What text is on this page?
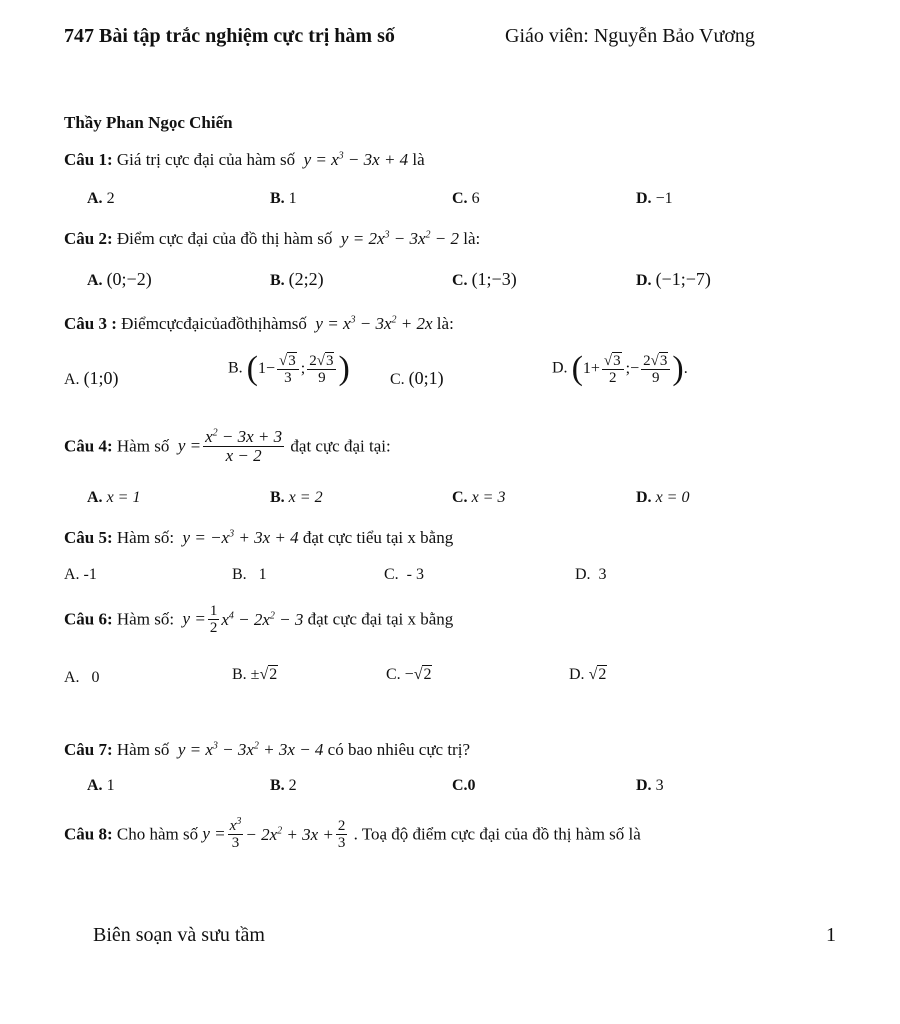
747 Bài tập trắc nghiệm cực trị hàm số	Giáo viên: Nguyễn Bảo Vương
Thầy Phan Ngọc Chiến
Câu 1: Giá trị cực đại của hàm số  $y = x^3 - 3x + 4$ là
A. 2	B. 1	C. 6	D. −1
Câu 2: Điểm cực đại của đồ thị hàm số  $y = 2x^3 - 3x^2 - 2$ là:
A. (0;−2)	B. (2;2)	C. (1;−3)	D. (−1;−7)
Câu 3 : Điểmcựcđạicủađồthịhàmsố  $y = x^3 - 3x^2 + 2x$ là:
A. (1;0)	B. ($1- \frac{√3}{3}$ ; $\frac{2√3}{9}$ )	C. (0;1)	D. ($1+ \frac{√3}{2}$ ;− $\frac{2√3}{9}$ ).
Câu 4: Hàm số  $y = \frac{x^2 - 3x + 3}{x - 2}$ đạt cực đại tại:
A. x = 1	B. x = 2	C. x = 3	D. x = 0
Câu 5: Hàm số:  $y = -x^3 + 3x + 4$ đạt cực tiểu tại x bằng
A. -1	B.   1	C.  - 3	D.  3
Câu 6: Hàm số:  $y = \frac{1}{2} x^4 - 2x^2 - 3$ đạt cực đại tại x bằng
A.   0	B. ±√2	C. −√2	D. √2
Câu 7: Hàm số  $y = x^3 - 3x^2 + 3x - 4$ có bao nhiêu cực trị?
A. 1	B. 2	C.0	D. 3
Câu 8: Cho hàm số $y = \frac{x^3}{3} - 2x^2 + 3x + \frac{2}{3}$ . Toạ độ điểm cực đại của đồ thị hàm số là
Biên soạn và sưu tầm	1
